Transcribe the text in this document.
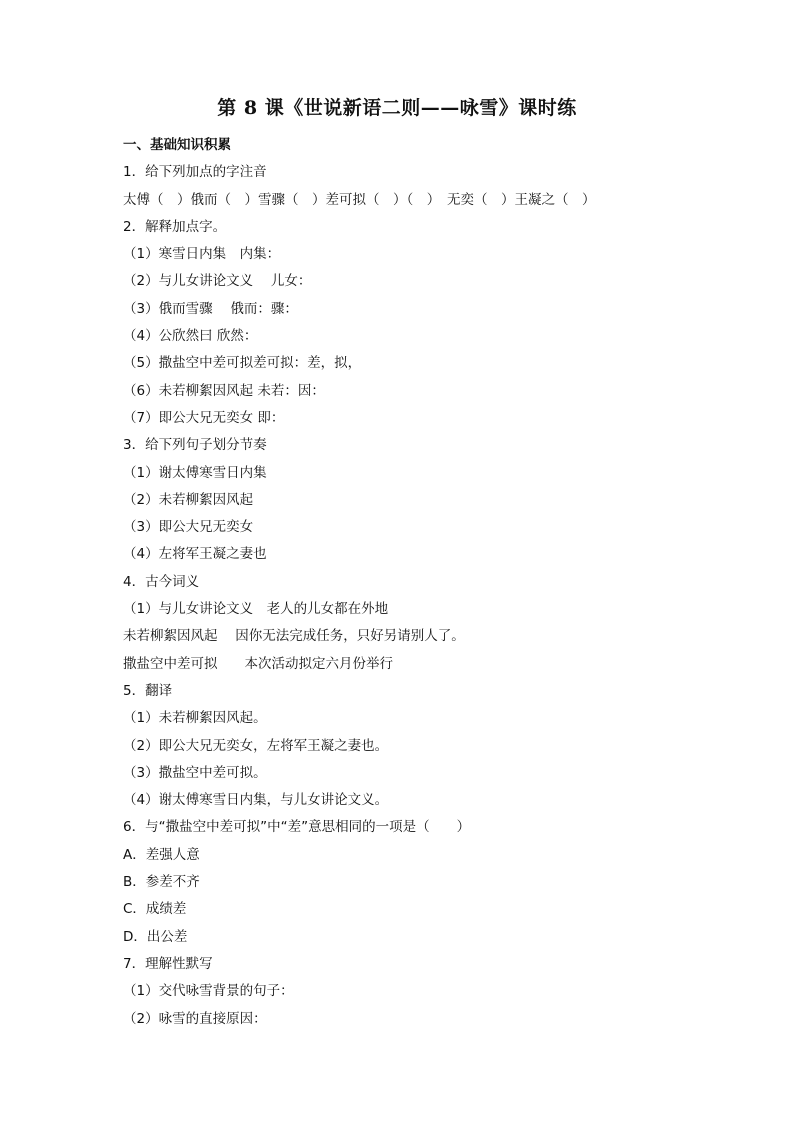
第 8 课《世说新语二则——咏雪》课时练
一、基础知识积累
1．给下列加点的字注音
太傅（　）俄而（　）雪骤（　）差可拟（　）（　）　无奕（　）王凝之（　）
2．解释加点字。
（1）寒雪日内集　内集：
（2）与儿女讲论文义　 儿女：
（3）俄而雪骤　 俄而：骤：
（4）公欣然曰 欣然：
（5）撒盐空中差可拟差可拟：差，拟，
（6）未若柳絮因风起 未若：因：
（7）即公大兄无奕女 即：
3．给下列句子划分节奏
（1）谢太傅寒雪日内集
（2）未若柳絮因风起
（3）即公大兄无奕女
（4）左将军王凝之妻也
4．古今词义
（1）与儿女讲论文义　老人的儿女都在外地
未若柳絮因风起　 因你无法完成任务，只好另请别人了。
撒盐空中差可拟　　本次活动拟定六月份举行
5．翻译
（1）未若柳絮因风起。
（2）即公大兄无奕女，左将军王凝之妻也。
（3）撒盐空中差可拟。
（4）谢太傅寒雪日内集，与儿女讲论文义。
6．与“撒盐空中差可拟”中“差”意思相同的一项是（　　）
A．差强人意
B．参差不齐
C．成绩差
D．出公差
7．理解性默写
（1）交代咏雪背景的句子：
（2）咏雪的直接原因：
